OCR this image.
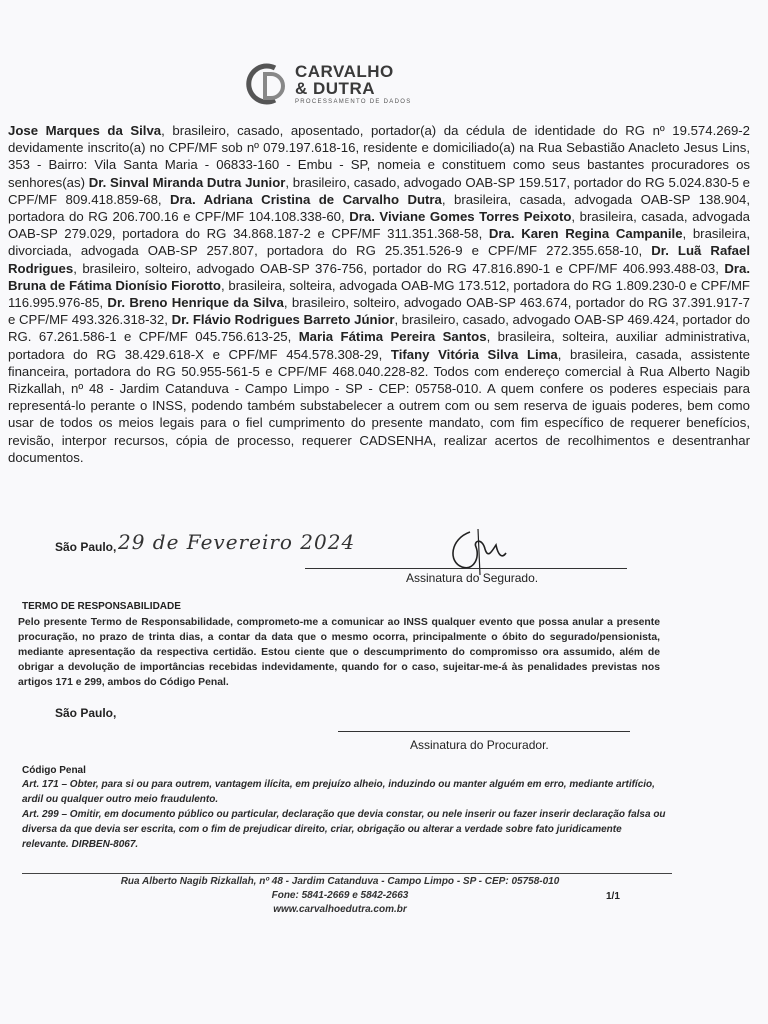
CARVALHO
& DUTRA
PROCESSAMENTO DE DADOS
Jose Marques da Silva, brasileiro, casado, aposentado, portador(a) da cédula de identidade do RG nº 19.574.269-2 devidamente inscrito(a) no CPF/MF sob nº 079.197.618-16, residente e domiciliado(a) na Rua Sebastião Anacleto Jesus Lins, 353 - Bairro: Vila Santa Maria - 06833-160 - Embu - SP, nomeia e constituem como seus bastantes procuradores os senhores(as) Dr. Sinval Miranda Dutra Junior, brasileiro, casado, advogado OAB-SP 159.517, portador do RG 5.024.830-5 e CPF/MF 809.418.859-68, Dra. Adriana Cristina de Carvalho Dutra, brasileira, casada, advogada OAB-SP 138.904, portadora do RG 206.700.16 e CPF/MF 104.108.338-60, Dra. Viviane Gomes Torres Peixoto, brasileira, casada, advogada OAB-SP 279.029, portadora do RG 34.868.187-2 e CPF/MF 311.351.368-58, Dra. Karen Regina Campanile, brasileira, divorciada, advogada OAB-SP 257.807, portadora do RG 25.351.526-9 e CPF/MF 272.355.658-10, Dr. Luã Rafael Rodrigues, brasileiro, solteiro, advogado OAB-SP 376-756, portador do RG 47.816.890-1 e CPF/MF 406.993.488-03, Dra. Bruna de Fátima Dionísio Fiorotto, brasileira, solteira, advogada OAB-MG 173.512, portadora do RG 1.809.230-0 e CPF/MF 116.995.976-85, Dr. Breno Henrique da Silva, brasileiro, solteiro, advogado OAB-SP 463.674, portador do RG 37.391.917-7 e CPF/MF 493.326.318-32, Dr. Flávio Rodrigues Barreto Júnior, brasileiro, casado, advogado OAB-SP 469.424, portador do RG. 67.261.586-1 e CPF/MF 045.756.613-25, Maria Fátima Pereira Santos, brasileira, solteira, auxiliar administrativa, portadora do RG 38.429.618-X e CPF/MF 454.578.308-29, Tifany Vitória Silva Lima, brasileira, casada, assistente financeira, portadora do RG 50.955-561-5 e CPF/MF 468.040.228-82. Todos com endereço comercial à Rua Alberto Nagib Rizkallah, nº 48 - Jardim Catanduva - Campo Limpo - SP - CEP: 05758-010. A quem confere os poderes especiais para representá-lo perante o INSS, podendo também substabelecer a outrem com ou sem reserva de iguais poderes, bem como usar de todos os meios legais para o fiel cumprimento do presente mandato, com fim específico de requerer benefícios, revisão, interpor recursos, cópia de processo, requerer CADSENHA, realizar acertos de recolhimentos e desentranhar documentos.
São Paulo, 29 de Fevereiro 2024
Assinatura do Segurado.
TERMO DE RESPONSABILIDADE
Pelo presente Termo de Responsabilidade, comprometo-me a comunicar ao INSS qualquer evento que possa anular a presente procuração, no prazo de trinta dias, a contar da data que o mesmo ocorra, principalmente o óbito do segurado/pensionista, mediante apresentação da respectiva certidão. Estou ciente que o descumprimento do compromisso ora assumido, além de obrigar a devolução de importâncias recebidas indevidamente, quando for o caso, sujeitar-me-á às penalidades previstas nos artigos 171 e 299, ambos do Código Penal.
São Paulo,
Assinatura do Procurador.
Código Penal
Art. 171 – Obter, para si ou para outrem, vantagem ilícita, em prejuízo alheio, induzindo ou manter alguém em erro, mediante artifício, ardil ou qualquer outro meio fraudulento.
Art. 299 – Omitir, em documento público ou particular, declaração que devia constar, ou nele inserir ou fazer inserir declaração falsa ou diversa da que devia ser escrita, com o fim de prejudicar direito, criar, obrigação ou alterar a verdade sobre fato juridicamente relevante. DIRBEN-8067.
Rua Alberto Nagib Rizkallah, nº 48 - Jardim Catanduva - Campo Limpo - SP - CEP: 05758-010
Fone: 5841-2669 e 5842-2663
www.carvalhoedutra.com.br
1/1
